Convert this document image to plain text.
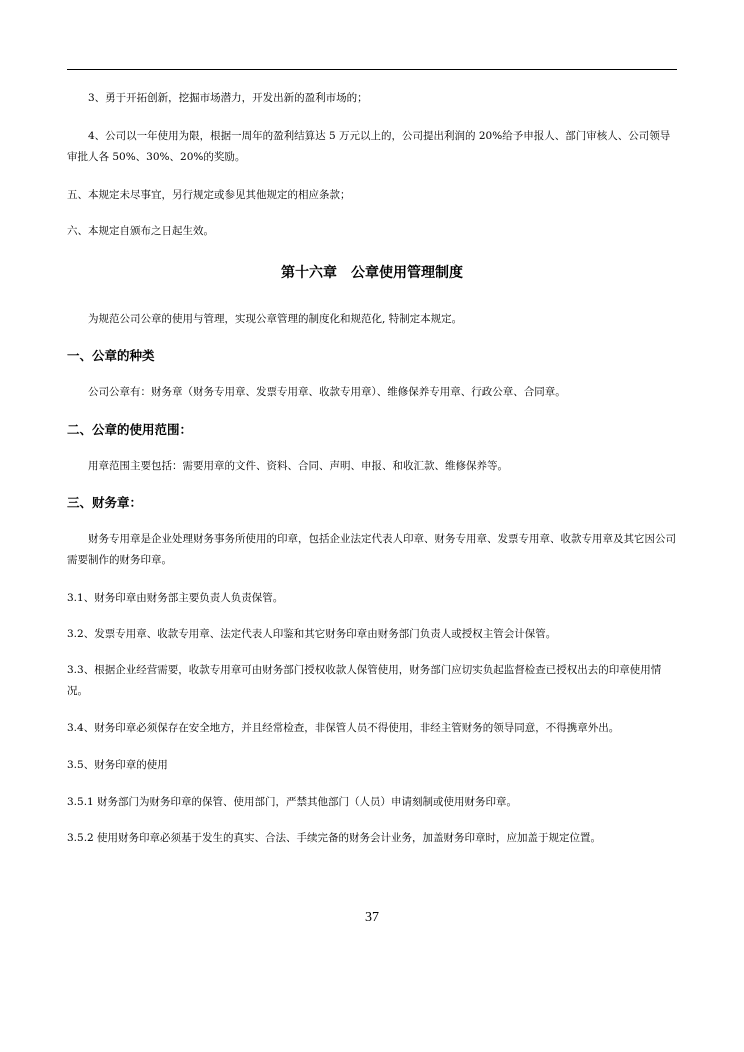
3、勇于开拓创新，挖掘市场潜力，开发出新的盈利市场的；

4、公司以一年使用为限，根据一周年的盈利结算达 5 万元以上的，公司提出利润的 20%给予申报人、部门审核人、公司领导审批人各 50%、30%、20%的奖励。

五、本规定未尽事宜，另行规定或参见其他规定的相应条款；

六、本规定自颁布之日起生效。

第十六章　公章使用管理制度

为规范公司公章的使用与管理，实现公章管理的制度化和规范化, 特制定本规定。

一、公章的种类

公司公章有：财务章（财务专用章、发票专用章、收款专用章）、维修保养专用章、行政公章、合同章。

二、公章的使用范围：

用章范围主要包括：需要用章的文件、资料、合同、声明、申报、和收汇款、维修保养等。

三、财务章：

财务专用章是企业处理财务事务所使用的印章，包括企业法定代表人印章、财务专用章、发票专用章、收款专用章及其它因公司需要制作的财务印章。

3.1、财务印章由财务部主要负责人负责保管。

3.2、发票专用章、收款专用章、法定代表人印鉴和其它财务印章由财务部门负责人或授权主管会计保管。

3.3、根据企业经营需要，收款专用章可由财务部门授权收款人保管使用，财务部门应切实负起监督检查已授权出去的印章使用情况。

3.4、财务印章必须保存在安全地方，并且经常检查，非保管人员不得使用，非经主管财务的领导同意，不得携章外出。

3.5、财务印章的使用

3.5.1 财务部门为财务印章的保管、使用部门，严禁其他部门（人员）申请刻制或使用财务印章。

3.5.2 使用财务印章必须基于发生的真实、合法、手续完备的财务会计业务，加盖财务印章时，应加盖于规定位置。

37
